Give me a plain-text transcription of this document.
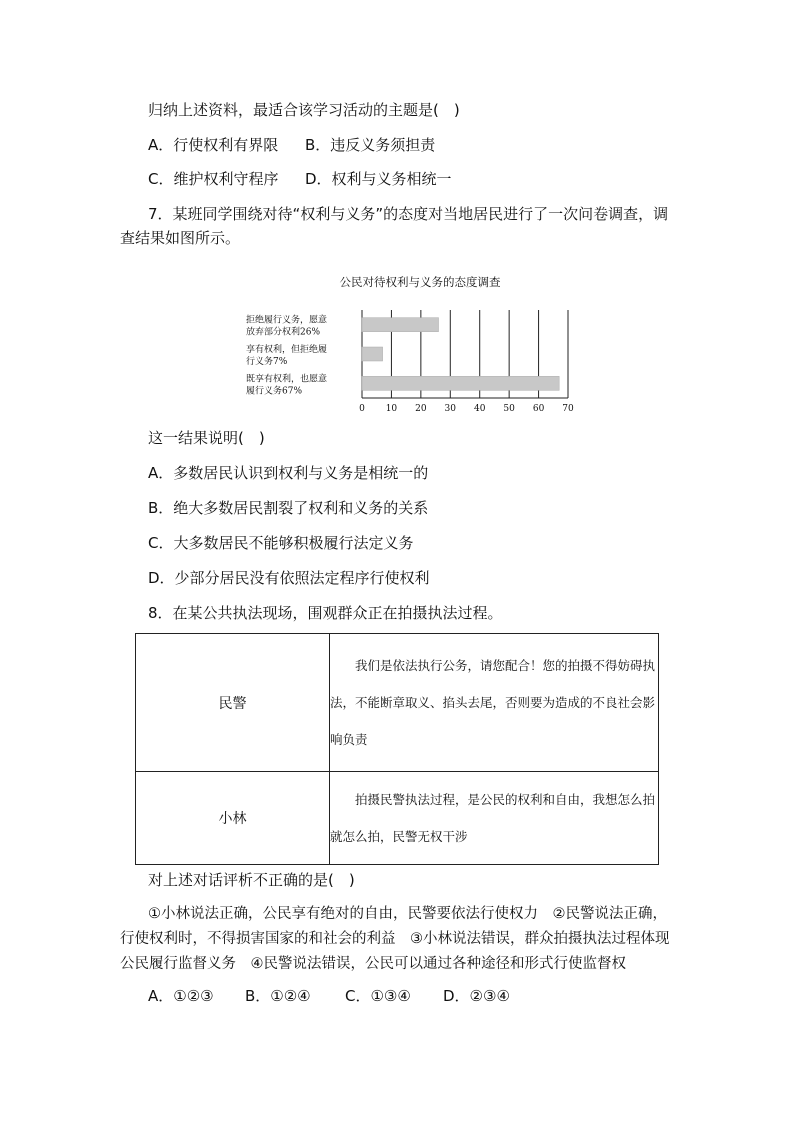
归纳上述资料，最适合该学习活动的主题是(　)
A．行使权利有界限 B．违反义务须担责
C．维护权利守程序 D．权利与义务相统一
7．某班同学围绕对待“权利与义务”的态度对当地居民进行了一次问卷调查，调
查结果如图所示。
公民对待权利与义务的态度调查
0 10 20 30 40 50 60 70
拒绝履行义务，愿意
放弃部分权利26%
享有权利，但拒绝履
行义务7%
既享有权利，也愿意
履行义务67%
这一结果说明(　)
A．多数居民认识到权利与义务是相统一的
B．绝大多数居民割裂了权利和义务的关系
C．大多数居民不能够积极履行法定义务
D．少部分居民没有依照法定程序行使权利
8．在某公共执法现场，围观群众正在拍摄执法过程。
民警	我们是依法执行公务，请您配合！您的拍摄不得妨碍执法，不能断章取义、掐头去尾，否则要为造成的不良社会影响负责

小林	拍摄民警执法过程，是公民的权利和自由，我想怎么拍就怎么拍，民警无权干涉
对上述对话评析不正确的是(　)
①小林说法正确，公民享有绝对的自由，民警要依法行使权力　②民警说法正确，
行使权利时，不得损害国家的和社会的利益　③小林说法错误，群众拍摄执法过程体现
公民履行监督义务　④民警说法错误，公民可以通过各种途径和形式行使监督权
A．①②③ B．①②④ C．①③④ D．②③④
